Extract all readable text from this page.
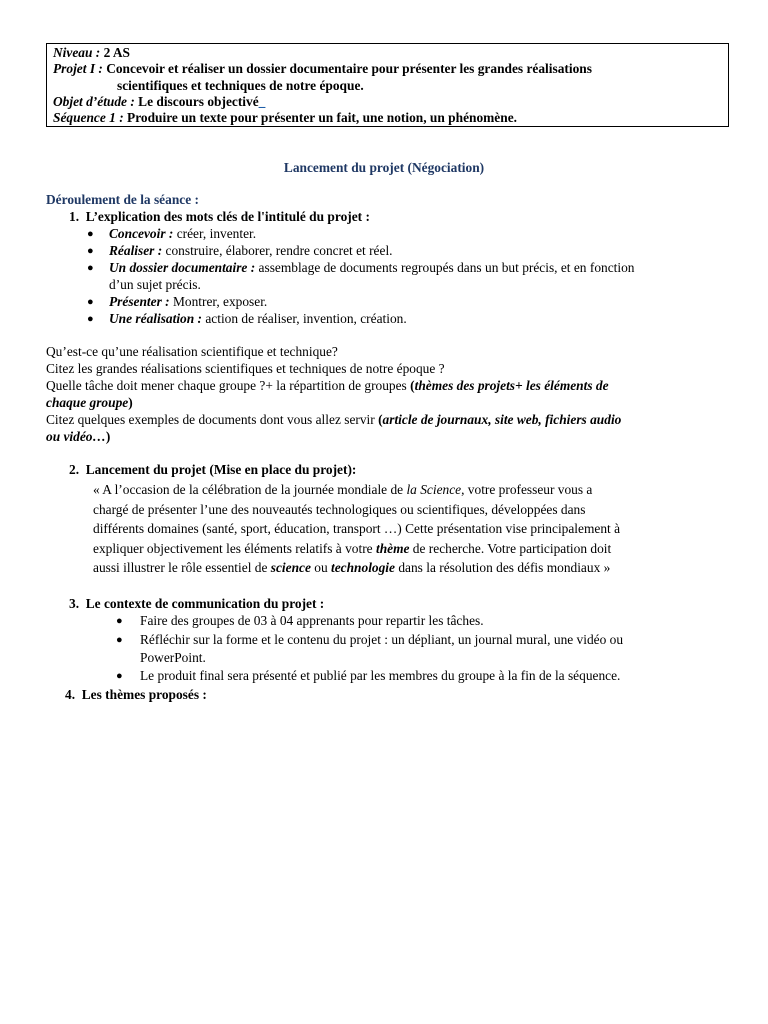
Niveau : 2 AS
Projet I : Concevoir et réaliser un dossier documentaire pour présenter les grandes réalisations
scientifiques et techniques de notre époque.
Objet d’étude : Le discours objectivé_
Séquence 1 : Produire un texte pour présenter un fait, une notion, un phénomène.
Lancement du projet (Négociation)
Déroulement de la séance :
1. L’explication des mots clés de l'intitulé du projet :
● Concevoir : créer, inventer.
● Réaliser : construire, élaborer, rendre concret et réel.
● Un dossier documentaire : assemblage de documents regroupés dans un but précis, et en fonction
d’un sujet précis.
● Présenter : Montrer, exposer.
● Une réalisation : action de réaliser, invention, création.
Qu’est-ce qu’une réalisation scientifique et technique?
Citez les grandes réalisations scientifiques et techniques de notre époque ?
Quelle tâche doit mener chaque groupe ?+ la répartition de groupes (thèmes des projets+ les éléments de
chaque groupe)
Citez quelques exemples de documents dont vous allez servir (article de journaux, site web, fichiers audio
ou vidéo…)
2. Lancement du projet (Mise en place du projet):
« A l’occasion de la célébration de la journée mondiale de la Science, votre professeur vous a
chargé de présenter l’une des nouveautés technologiques ou scientifiques, développées dans
différents domaines (santé, sport, éducation, transport …) Cette présentation vise principalement à
expliquer objectivement les éléments relatifs à votre thème de recherche. Votre participation doit
aussi illustrer le rôle essentiel de science ou technologie dans la résolution des défis mondiaux »
3. Le contexte de communication du projet :
● Faire des groupes de 03 à 04 apprenants pour repartir les tâches.
● Réfléchir sur la forme et le contenu du projet : un dépliant, un journal mural, une vidéo ou
PowerPoint.
● Le produit final sera présenté et publié par les membres du groupe à la fin de la séquence.
4. Les thèmes proposés :
